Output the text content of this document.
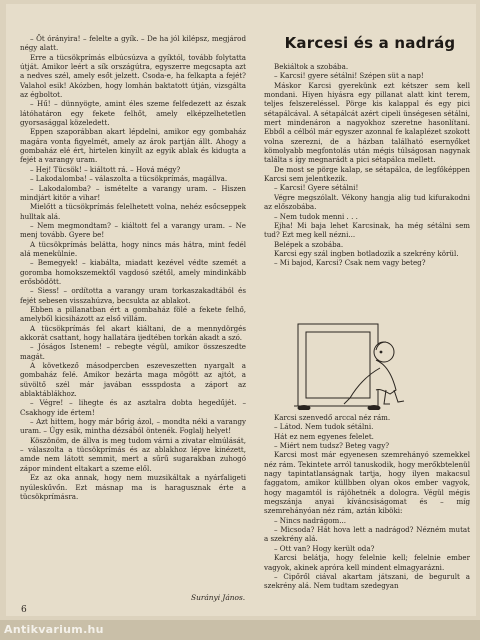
– Öt órányira! – felelte a gyík. – De ha jól kilépsz, megjárod négy alatt.

Erre a tücsökprímás elbúcsúzva a gyíktól, tovább folytatta útját. Amikor leért a sík országútra, egyszerre megcsapta azt a nedves szél, amely esőt jelzett. Csoda-e, ha felkapta a fejét? Valahol esik! Akózben, hogy lomhán baktatott útján, vizsgálta az égboltot.

– Hű! – dünnyögte, amint éles szeme felfedezett az észak látóhatáron egy fekete felhőt, amely elképzelhetetlen gyorsasággal közeledett.

Eppen szaporábban akart lépdelni, amikor egy gombaház magára vonta figyelmét, amely az árok partján állt. Ahogy a gombaház elé ért, hirtelen kinyílt az egyik ablak és kidugta a fejét a varangy uram.

– Hej! Tücsök! – kiáltott rá. – Hová mégy?

– Lakodalomba! – válaszolta a tücsökprímás, magállva.

– Lakodalomba? – ismételte a varangy uram. – Hiszen mindjárt kitör a vihar!

Mielőtt a tücsökprímás felelhetett volna, nehéz esőcseppek hulltak alá.

– Nem megmondtam? – kiáltott fel a varangy uram. – Ne menj tovább. Gyere be!

A tücsökprímás belátta, hogy nincs más hátra, mint fedél alá menekülnie.

– Bemegyek! – kiabálta, miadatt kezével védte szemét a goromba homokszemektől vagdosó szétől, amely mindinkább erősbödött.

– Siess! – ordította a varangy uram torkaszakadtából és fejét sebesen visszahúzva, becsukta az ablakot.

Ebben a pillanatban ért a gombaház fölé a fekete felhő, amelyből kicsiházott az első villám.

A tücsökprímás fel akart kiáltani, de a mennydörgés akkorát csattant, hogy hallatára ijedtében torkán akadt a szó.

– Jóságos Istenem! – rebegte végül, amikor összeszedte magát.

A következő másodpercben eszeveszetten nyargalt a gombaház felé. Amikor bezárta maga mögött az ajtót, a süvöltő szél már javában essspdosta a záport az ablaktáblákhoz.

– Végre! – lihegte és az asztalra dobta hegedűjét. – Csakhogy ide értem!

– Azt hittem, hogy már bőrig ázol, – mondta néki a varangy uram. – Úgy esik, mintha dézsából öntenék. Foglalj helyet!

Köszönöm, de állva is meg tudom várni a zivatar elmúlását, – válaszolta a tücsökprímás és az ablakhoz lépve kinézett, amde nem látott semmit, mert a sűrű sugarakban zuhogó zápor mindent eltakart a szeme elől.

Ez az oka annak, hogy nem muzsikáltak a nyárfaligeti nyúleskűvőn. Ezt másnap ma is haragusznak érte a tücsökprímásra.

Surányi János.
6
Karcesi és a nadrág

Bekiáltok a szobába.

– Karcsi! gyere sétálni! Szépen süt a nap!

Máskor Karcsi gyerekünk ezt kétszer sem kell mondani. Hiyen hiyásra egy pillanat alatt kint terem, teljes felszereléssel. Pörge kis kalappal és egy pici sétapálcával. A sétapálcát azért cipeli ünségesen sétálni, mert mindenáron a nagyokhoz szeretne hasonlítani. Ebből a célból már egyszer azonnal fe kalaplézet szokott volna szerezni, de a házban található esernyőket kömolyabb megfontolás után mégis túlságosan nagynak találta s így megnarádt a pici sétapálca mellett.

De most se pörge kalap, se sétapálca, de legfőképpen Karcsi sem jelentkezik.

– Karcsi! Gyere sétálni!

Végre megszólalt. Vékony hangja alig tud kifurakodni az előszobába.

– Nem tudok menni . . .

Ejha! Mi baja lehet Karcsinak, ha még sétálni sem tud? Ezt meg kell nézni...

Belépek a szobába.

Karcsi egy szál ingben botladozik a szekrény körül.

– Mi bajod, Karcsi? Csak nem vagy beteg?

Karcsi szenvedő arccal néz rám.

– Látod. Nem tudok sétálni.

Hát ez nem egyenes felelet.

– Miért nem tudsz? Beteg vagy?

Karcsi most már egyenesen szemrehányó szemekkel néz rám. Tekintete arról tanuskodik, hogy merőkbtelenül nagy tapintatlanságnak tartja, hogy ilyen makacsul faggatom, amikor küllbben olyan okos ember vagyok, hogy magamtól is rájöhetnék a dologra. Végül mégis megszánja anyai kíváncsiságomat és – míg szemrehányóan néz rám, aztán kiböki:

– Nincs nadrágom...

– Micsoda? Hát hova lett a nadrágod? Nézném mutat a szekrény alá.

– Ott van? Hogy került oda?

Karcsi belátja, hogy felelnie kell; felelnie ember vagyok, akinek apróra kell mindent elmagyarázni.

– Cipőről ciával akartam játszani, de begurult a szekrény alá. Nem tudtam szedegyan

Antikvarium.hu
